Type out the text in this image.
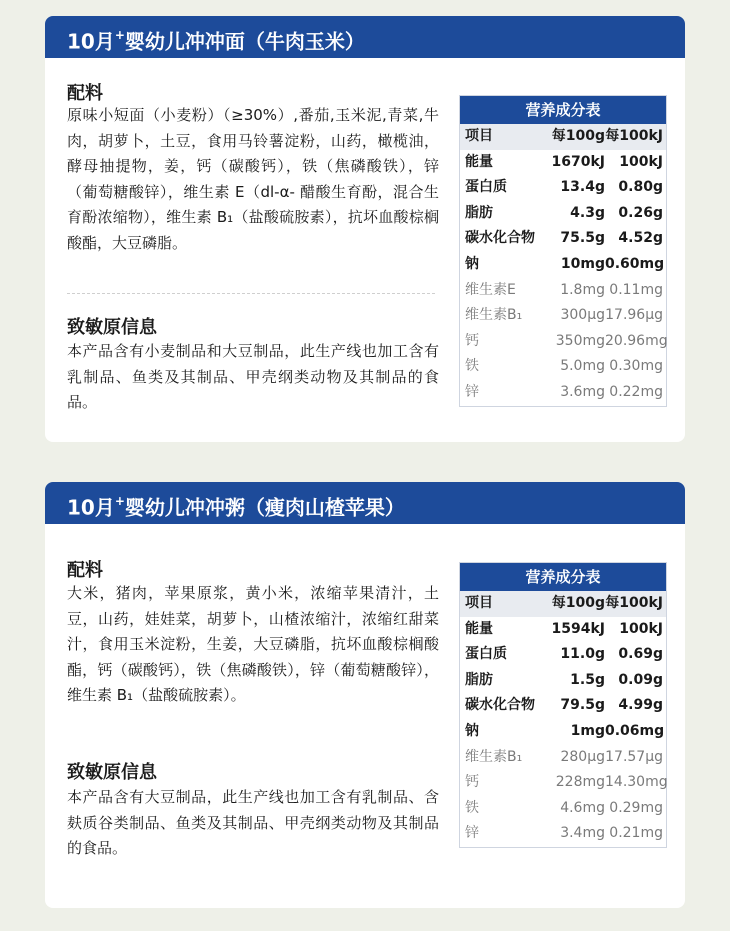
10月+婴幼儿冲冲面（牛肉玉米）
配料
原味小短面（小麦粉）（≥30%）,番茄,玉米泥,青菜,牛肉，胡萝卜，土豆，食用马铃薯淀粉，山药，橄榄油，酵母抽提物，姜，钙（碳酸钙），铁（焦磷酸铁），锌（葡萄糖酸锌），维生素 E（dl-α- 醋酸生育酚，混合生育酚浓缩物），维生素 B₁（盐酸硫胺素），抗坏血酸棕榈酸酯，大豆磷脂。
致敏原信息
本产品含有小麦制品和大豆制品，此生产线也加工含有乳制品、鱼类及其制品、甲壳纲类动物及其制品的食品。
营养成分表
项目	每100g 每100kJ
能量	1670kJ	100kJ
蛋白质	13.4g 0.80g
脂肪	4.3g 0.26g
碳水化合物	75.5g 4.52g
钠	10mg 0.60mg
维生素E	1.8mg 0.11mg
维生素B₁	300μg 17.96μg
钙	350mg 20.96mg
铁	5.0mg 0.30mg
锌	3.6mg 0.22mg
10月+婴幼儿冲冲粥（瘦肉山楂苹果）
配料
大米，猪肉，苹果原浆，黄小米，浓缩苹果清汁，土豆，山药，娃娃菜，胡萝卜，山楂浓缩汁，浓缩红甜菜汁，食用玉米淀粉，生姜，大豆磷脂，抗坏血酸棕榈酸酯，钙（碳酸钙），铁（焦磷酸铁），锌（葡萄糖酸锌），维生素 B₁（盐酸硫胺素）。
致敏原信息
本产品含有大豆制品，此生产线也加工含有乳制品、含麸质谷类制品、鱼类及其制品、甲壳纲类动物及其制品的食品。
营养成分表
项目	每100g 每100kJ
能量	1594kJ	100kJ
蛋白质	11.0g 0.69g
脂肪	1.5g 0.09g
碳水化合物	79.5g 4.99g
钠	1mg 0.06mg
维生素B₁	280μg 17.57μg
钙	228mg 14.30mg
铁	4.6mg 0.29mg
锌	3.4mg 0.21mg
